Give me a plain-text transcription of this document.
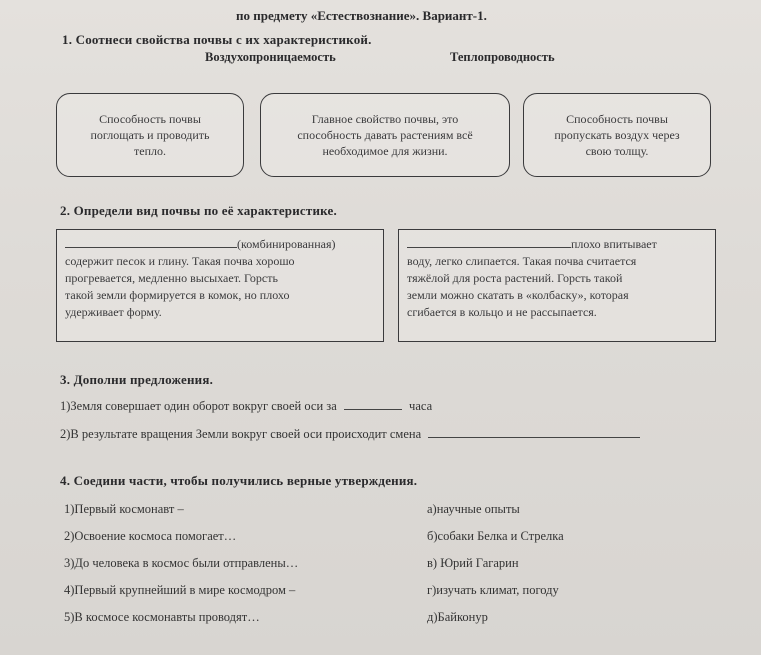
по предмету «Естествознание». Вариант-1.
1. Соотнеси свойства почвы с их характеристикой.
Воздухопроницаемость	Теплопроводность
Способность почвы
поглощать и проводить
тепло.
Главное свойство почвы, это
способность давать растениям всё
необходимое для жизни.
Способность почвы
пропускать воздух через
свою толщу.
2. Определи вид почвы по её характеристике.
(комбинированная)
содержит песок и глину. Такая почва хорошо
прогревается, медленно высыхает. Горсть
такой земли формируется в комок, но плохо
удерживает форму.
плохо впитывает
воду, легко слипается. Такая почва считается
тяжёлой для роста растений. Горсть такой
земли можно скатать в «колбаску», которая
сгибается в кольцо и не рассыпается.
3. Дополни предложения.
1)Земля совершает один оборот вокруг своей оси за	часа
2)В результате вращения Земли вокруг своей оси происходит смена
4. Соедини части, чтобы получились верные утверждения.
1)Первый космонавт –
2)Освоение космоса помогает…
3)До человека в космос были отправлены…
4)Первый крупнейший в мире космодром –
5)В космосе космонавты проводят…
а)научные опыты
б)собаки Белка и Стрелка
в) Юрий Гагарин
г)изучать климат, погоду
д)Байконур
